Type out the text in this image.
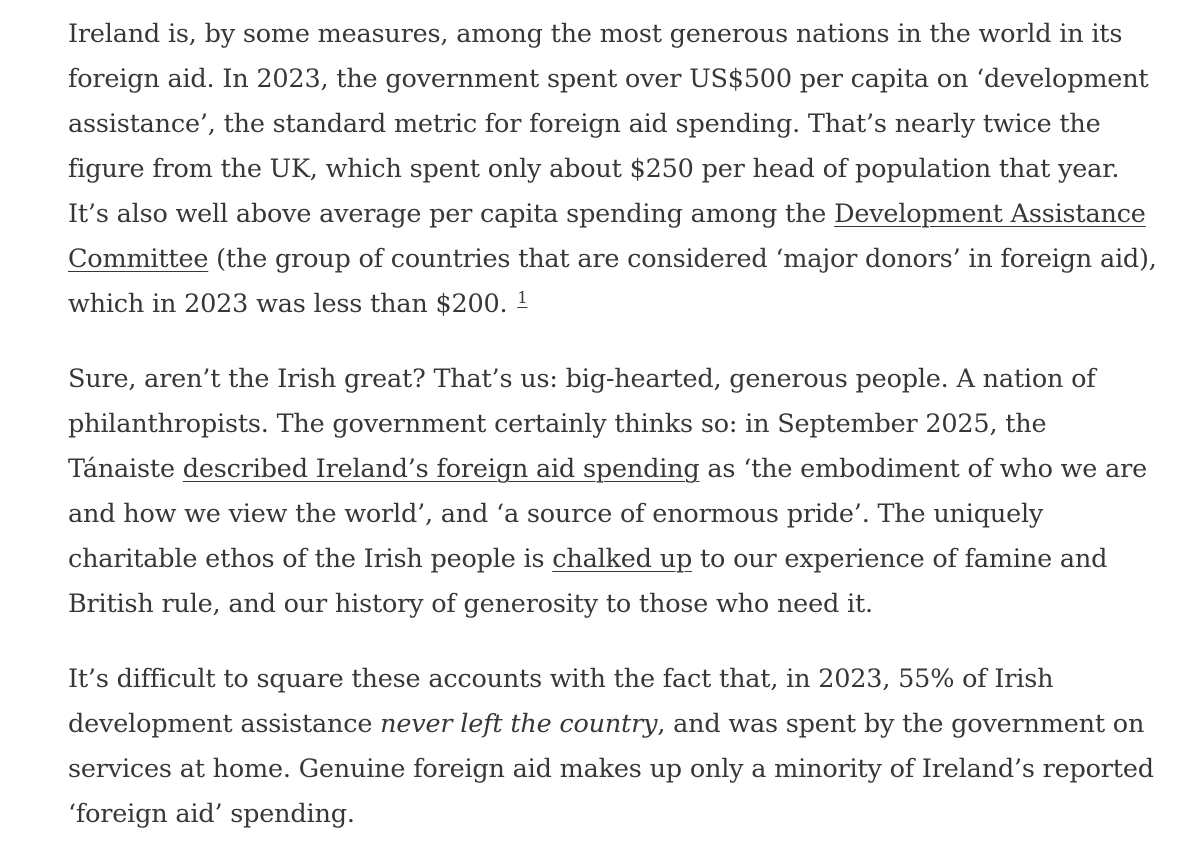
Ireland is, by some measures, among the most generous nations in the world in its foreign aid. In 2023, the government spent over US$500 per capita on ‘development assistance’, the standard metric for foreign aid spending. That’s nearly twice the figure from the UK, which spent only about $250 per head of population that year. It’s also well above average per capita spending among the Development Assistance Committee (the group of countries that are considered ‘major donors’ in foreign aid), which in 2023 was less than $200. $^1$

Sure, aren’t the Irish great? That’s us: big-hearted, generous people. A nation of philanthropists. The government certainly thinks so: in September 2025, the Tánaiste described Ireland’s foreign aid spending as ‘the embodiment of who we are and how we view the world’, and ‘a source of enormous pride’. The uniquely charitable ethos of the Irish people is chalked up to our experience of famine and British rule, and our history of generosity to those who need it.

It’s difficult to square these accounts with the fact that, in 2023, 55% of Irish development assistance never left the country, and was spent by the government on services at home. Genuine foreign aid makes up only a minority of Ireland’s reported ‘foreign aid’ spending.
